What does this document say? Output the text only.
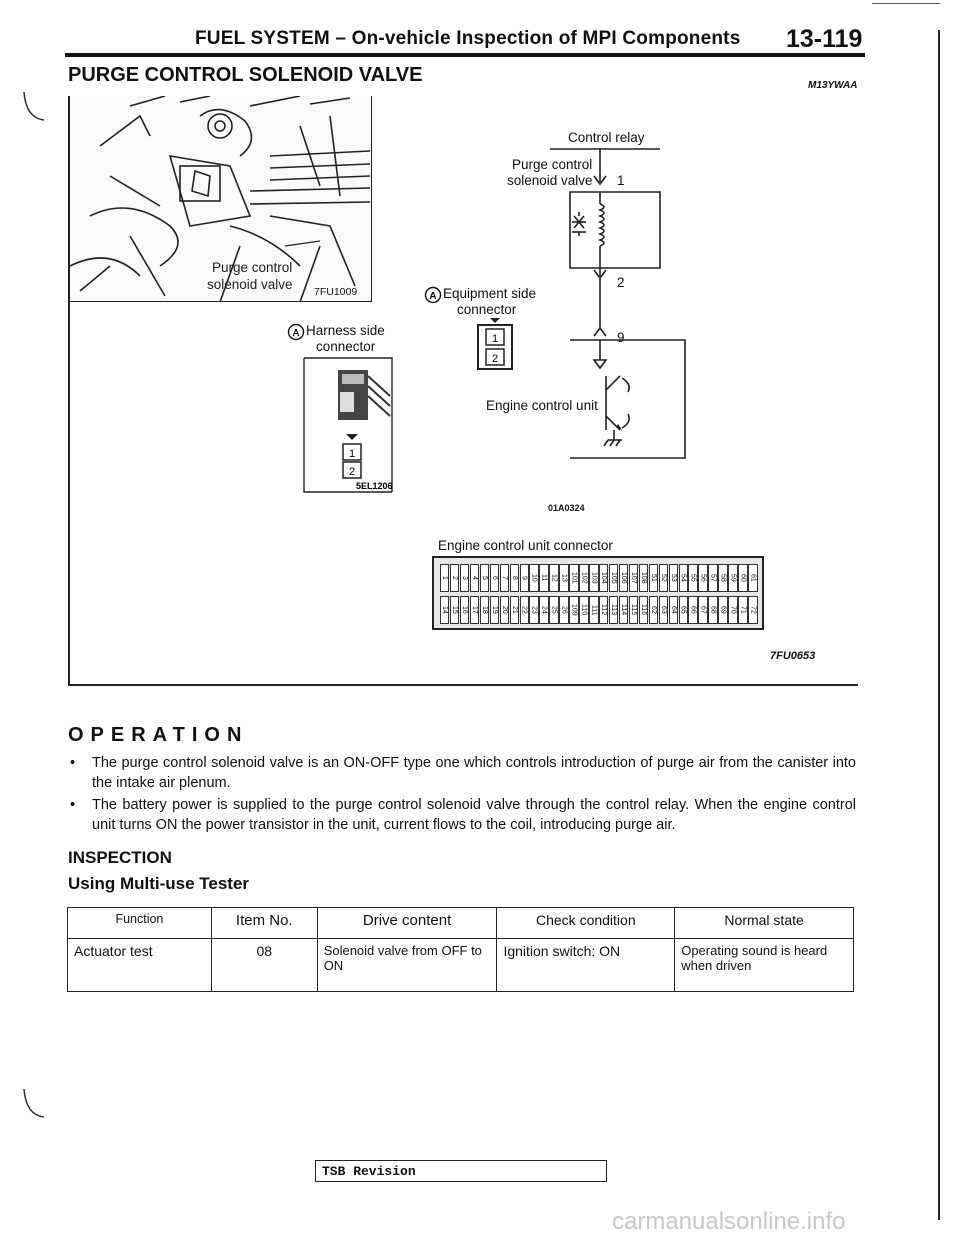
FUEL SYSTEM – On-vehicle Inspection of MPI Components 13-119
PURGE CONTROL SOLENOID VALVE	M13YWAA
Purge control
solenoid valve 7FU1009
A Harness side
connector
1
2
5EL1206
A Equipment side
connector
1
2
Control relay
Purge control
solenoid valve 1
2
9
Engine control unit
01A0324
Engine control unit connector
1 2 3 4 5 6 7 8 9 10 11 12 13 101 102 103 104 105 106 107 108 51 52 53 54 55 56 57 58 59 60 61
14 15 16 17 18 19 20 21 22 23 24 25 26 109 110 111 112 113 114 115 116 62 63 64 65 66 67 68 69 70 71 72
7FU0653
OPERATION
• The purge control solenoid valve is an ON-OFF type one which controls introduction of purge air from the canister into the intake air plenum.
• The battery power is supplied to the purge control solenoid valve through the control relay. When the engine control unit turns ON the power transistor in the unit, current flows to the coil, introducing purge air.
INSPECTION
Using Multi-use Tester
Function	Item No.	Drive content	Check condition	Normal state
Actuator test	08	Solenoid valve from OFF to ON	Ignition switch: ON	Operating sound is heard when driven
TSB Revision
carmanualsonline.info
